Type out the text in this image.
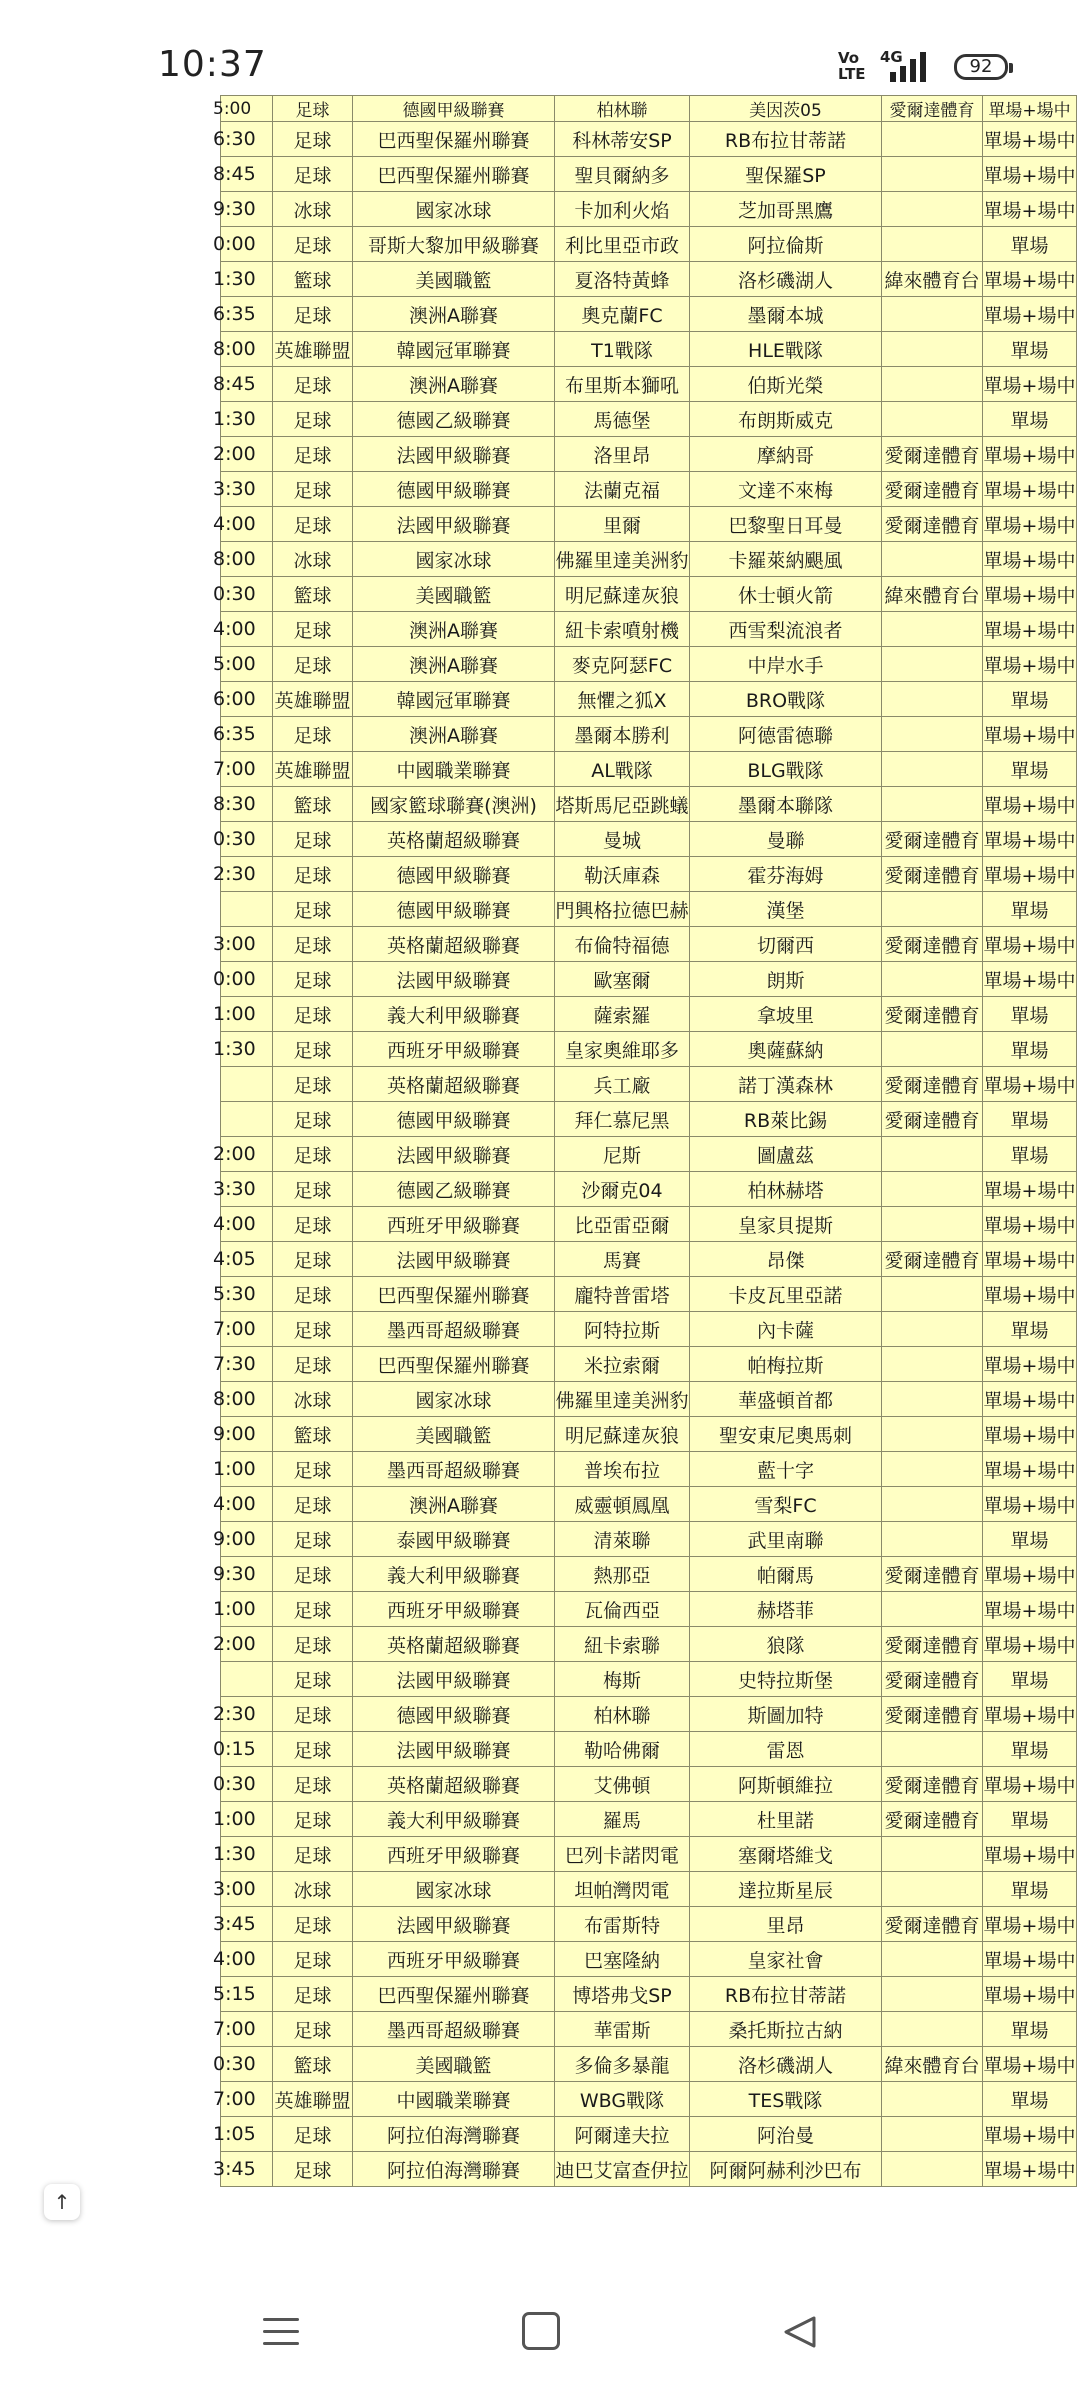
10:37	Vo
LTE
4G	92
5:00	足球	德國甲級聯賽	柏林聯	美因茨05	愛爾達體育	單場+場中
6:30	足球	巴西聖保羅州聯賽	科林蒂安SP	RB布拉甘蒂諾		單場+場中
8:45	足球	巴西聖保羅州聯賽	聖貝爾納多	聖保羅SP		單場+場中
9:30	冰球	國家冰球	卡加利火焰	芝加哥黑鷹		單場+場中
0:00	足球	哥斯大黎加甲級聯賽	利比里亞市政	阿拉倫斯		單場
1:30	籃球	美國職籃	夏洛特黃蜂	洛杉磯湖人	緯來體育台	單場+場中
6:35	足球	澳洲A聯賽	奧克蘭FC	墨爾本城		單場+場中
8:00	英雄聯盟	韓國冠軍聯賽	T1戰隊	HLE戰隊		單場
8:45	足球	澳洲A聯賽	布里斯本獅吼	伯斯光榮		單場+場中
1:30	足球	德國乙級聯賽	馬德堡	布朗斯威克		單場
2:00	足球	法國甲級聯賽	洛里昂	摩納哥	愛爾達體育	單場+場中
3:30	足球	德國甲級聯賽	法蘭克福	文達不來梅	愛爾達體育	單場+場中
4:00	足球	法國甲級聯賽	里爾	巴黎聖日耳曼	愛爾達體育	單場+場中
8:00	冰球	國家冰球	佛羅里達美洲豹	卡羅萊納颶風		單場+場中
0:30	籃球	美國職籃	明尼蘇達灰狼	休士頓火箭	緯來體育台	單場+場中
4:00	足球	澳洲A聯賽	紐卡索噴射機	西雪梨流浪者		單場+場中
5:00	足球	澳洲A聯賽	麥克阿瑟FC	中岸水手		單場+場中
6:00	英雄聯盟	韓國冠軍聯賽	無懼之狐X	BRO戰隊		單場
6:35	足球	澳洲A聯賽	墨爾本勝利	阿德雷德聯		單場+場中
7:00	英雄聯盟	中國職業聯賽	AL戰隊	BLG戰隊		單場
8:30	籃球	國家籃球聯賽(澳洲)	塔斯馬尼亞跳蟻	墨爾本聯隊		單場+場中
0:30	足球	英格蘭超級聯賽	曼城	曼聯	愛爾達體育	單場+場中
2:30	足球	德國甲級聯賽	勒沃庫森	霍芬海姆	愛爾達體育	單場+場中
	足球	德國甲級聯賽	門興格拉德巴赫	漢堡		單場
3:00	足球	英格蘭超級聯賽	布倫特福德	切爾西	愛爾達體育	單場+場中
0:00	足球	法國甲級聯賽	歐塞爾	朗斯		單場+場中
1:00	足球	義大利甲級聯賽	薩索羅	拿坡里	愛爾達體育	單場
1:30	足球	西班牙甲級聯賽	皇家奧維耶多	奧薩蘇納		單場
	足球	英格蘭超級聯賽	兵工廠	諾丁漢森林	愛爾達體育	單場+場中
	足球	德國甲級聯賽	拜仁慕尼黑	RB萊比錫	愛爾達體育	單場
2:00	足球	法國甲級聯賽	尼斯	圖盧茲		單場
3:30	足球	德國乙級聯賽	沙爾克04	柏林赫塔		單場+場中
4:00	足球	西班牙甲級聯賽	比亞雷亞爾	皇家貝提斯		單場+場中
4:05	足球	法國甲級聯賽	馬賽	昂傑	愛爾達體育	單場+場中
5:30	足球	巴西聖保羅州聯賽	龐特普雷塔	卡皮瓦里亞諾		單場+場中
7:00	足球	墨西哥超級聯賽	阿特拉斯	內卡薩		單場
7:30	足球	巴西聖保羅州聯賽	米拉索爾	帕梅拉斯		單場+場中
8:00	冰球	國家冰球	佛羅里達美洲豹	華盛頓首都		單場+場中
9:00	籃球	美國職籃	明尼蘇達灰狼	聖安東尼奧馬刺		單場+場中
1:00	足球	墨西哥超級聯賽	普埃布拉	藍十字		單場+場中
4:00	足球	澳洲A聯賽	威靈頓鳳凰	雪梨FC		單場+場中
9:00	足球	泰國甲級聯賽	清萊聯	武里南聯		單場
9:30	足球	義大利甲級聯賽	熱那亞	帕爾馬	愛爾達體育	單場+場中
1:00	足球	西班牙甲級聯賽	瓦倫西亞	赫塔菲		單場+場中
2:00	足球	英格蘭超級聯賽	紐卡索聯	狼隊	愛爾達體育	單場+場中
	足球	法國甲級聯賽	梅斯	史特拉斯堡	愛爾達體育	單場
2:30	足球	德國甲級聯賽	柏林聯	斯圖加特	愛爾達體育	單場+場中
0:15	足球	法國甲級聯賽	勒哈佛爾	雷恩		單場
0:30	足球	英格蘭超級聯賽	艾佛頓	阿斯頓維拉	愛爾達體育	單場+場中
1:00	足球	義大利甲級聯賽	羅馬	杜里諾	愛爾達體育	單場
1:30	足球	西班牙甲級聯賽	巴列卡諾閃電	塞爾塔維戈		單場+場中
3:00	冰球	國家冰球	坦帕灣閃電	達拉斯星辰		單場
3:45	足球	法國甲級聯賽	布雷斯特	里昂	愛爾達體育	單場+場中
4:00	足球	西班牙甲級聯賽	巴塞隆納	皇家社會		單場+場中
5:15	足球	巴西聖保羅州聯賽	博塔弗戈SP	RB布拉甘蒂諾		單場+場中
7:00	足球	墨西哥超級聯賽	華雷斯	桑托斯拉古納		單場
0:30	籃球	美國職籃	多倫多暴龍	洛杉磯湖人	緯來體育台	單場+場中
7:00	英雄聯盟	中國職業聯賽	WBG戰隊	TES戰隊		單場
1:05	足球	阿拉伯海灣聯賽	阿爾達夫拉	阿治曼		單場+場中
3:45	足球	阿拉伯海灣聯賽	迪巴艾富查伊拉	阿爾阿赫利沙巴布		單場+場中
↑
